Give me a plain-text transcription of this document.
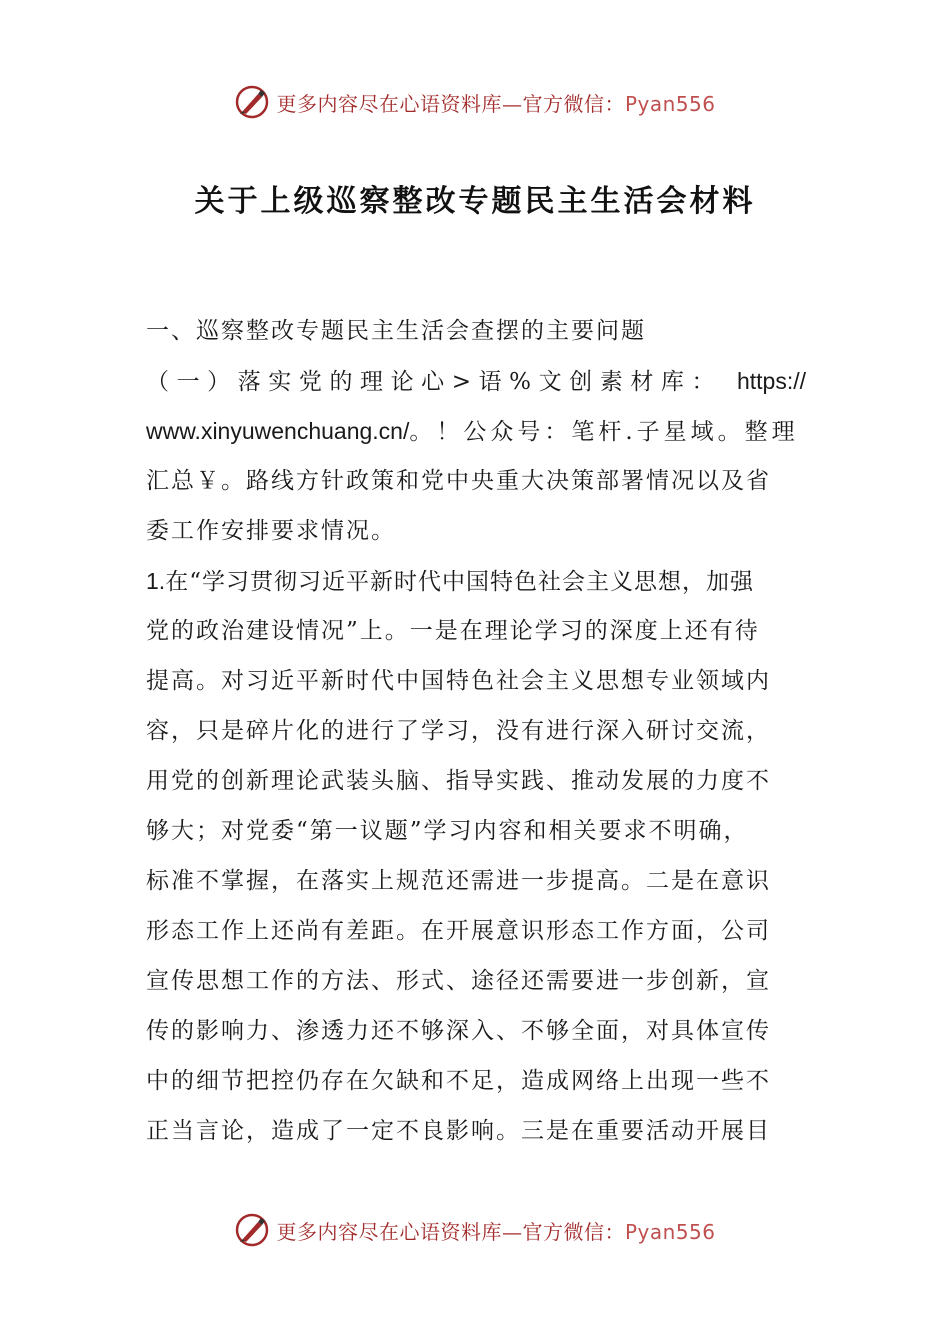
更多内容尽在心语资料库—官方微信：Pyan556
关于上级巡察整改专题民主生活会材料
一、巡察整改专题民主生活会查摆的主要问题
（一）落实党的理论心>语%文创素材库： https://
www.xinyuwenchuang.cn/。！公众号：笔杆.子星域。整理
汇总￥。路线方针政策和党中央重大决策部署情况以及省
委工作安排要求情况。
1.在“学习贯彻习近平新时代中国特色社会主义思想，加强
党的政治建设情况”上。一是在理论学习的深度上还有待
提高。对习近平新时代中国特色社会主义思想专业领域内
容，只是碎片化的进行了学习，没有进行深入研讨交流，
用党的创新理论武装头脑、指导实践、推动发展的力度不
够大；对党委“第一议题”学习内容和相关要求不明确，
标准不掌握，在落实上规范还需进一步提高。二是在意识
形态工作上还尚有差距。在开展意识形态工作方面，公司
宣传思想工作的方法、形式、途径还需要进一步创新，宣
传的影响力、渗透力还不够深入、不够全面，对具体宣传
中的细节把控仍存在欠缺和不足，造成网络上出现一些不
正当言论，造成了一定不良影响。三是在重要活动开展目
更多内容尽在心语资料库—官方微信：Pyan556
